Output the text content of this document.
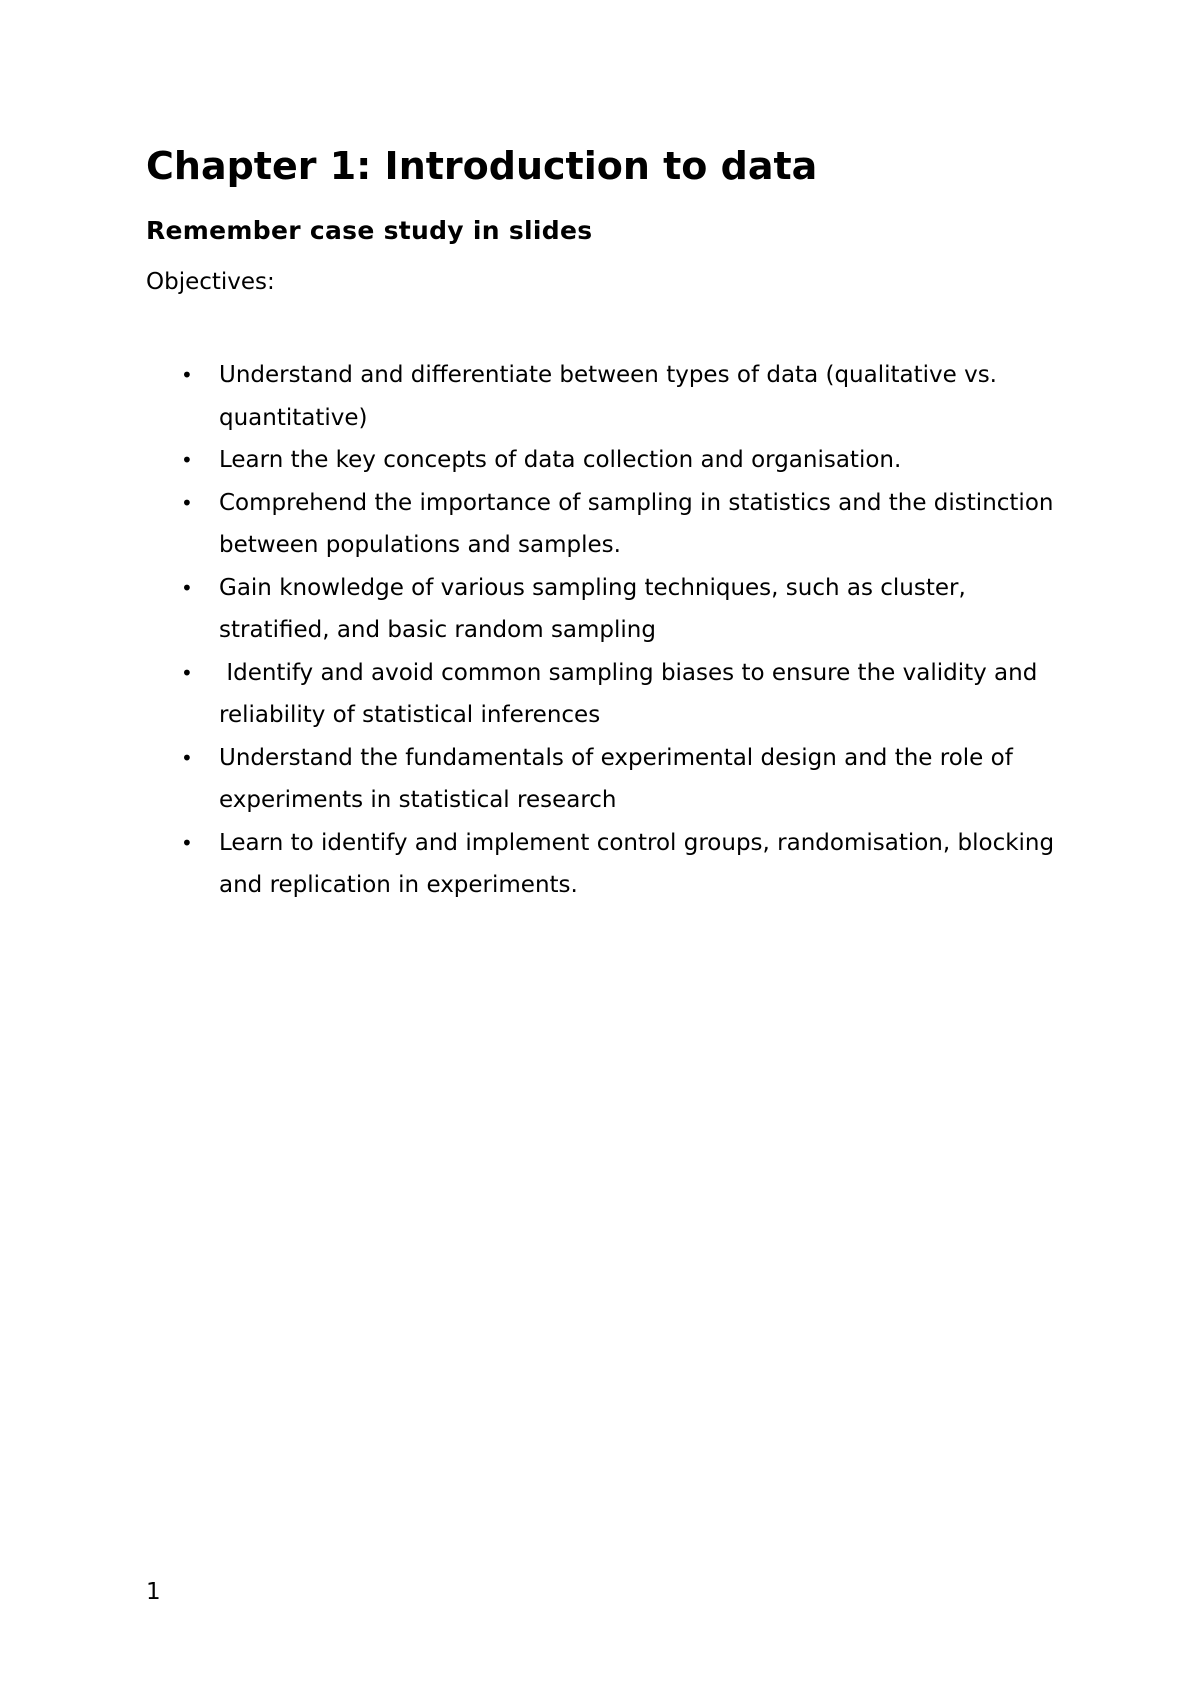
Chapter 1: Introduction to data
Remember case study in slides

Objectives:

• Understand and differentiate between types of data (qualitative vs. quantitative)
• Learn the key concepts of data collection and organisation.
• Comprehend the importance of sampling in statistics and the distinction between populations and samples.
• Gain knowledge of various sampling techniques, such as cluster, stratified, and basic random sampling
• Identify and avoid common sampling biases to ensure the validity and reliability of statistical inferences
• Understand the fundamentals of experimental design and the role of experiments in statistical research
• Learn to identify and implement control groups, randomisation, blocking and replication in experiments.
1
